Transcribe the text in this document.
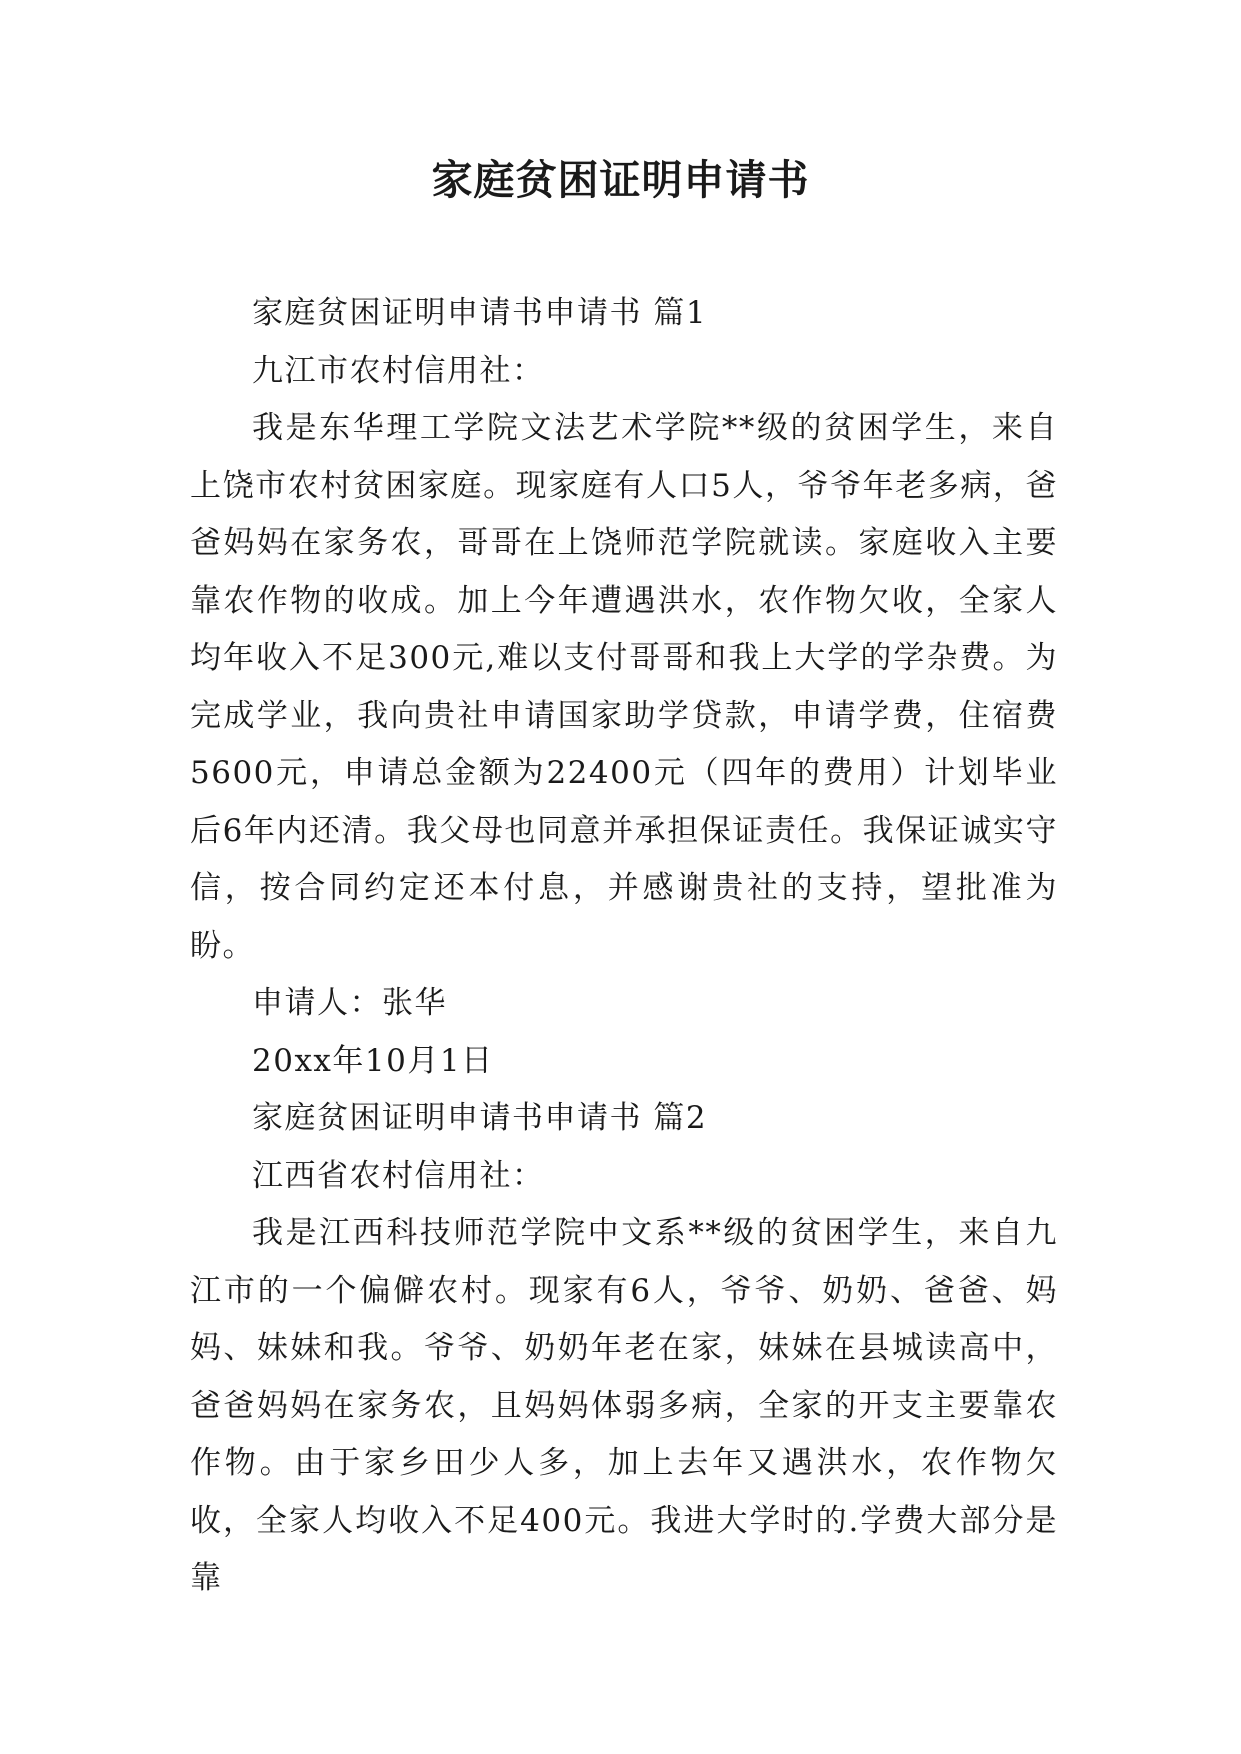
家庭贫困证明申请书

家庭贫困证明申请书申请书 篇1

九江市农村信用社：

我是东华理工学院文法艺术学院**级的贫困学生，来自上饶市农村贫困家庭。现家庭有人口5人，爷爷年老多病，爸爸妈妈在家务农，哥哥在上饶师范学院就读。家庭收入主要靠农作物的收成。加上今年遭遇洪水，农作物欠收，全家人均年收入不足300元,难以支付哥哥和我上大学的学杂费。为完成学业，我向贵社申请国家助学贷款，申请学费，住宿费5600元，申请总金额为22400元（四年的费用）计划毕业后6年内还清。我父母也同意并承担保证责任。我保证诚实守信，按合同约定还本付息，并感谢贵社的支持，望批准为盼。

申请人：张华

20xx年10月1日

家庭贫困证明申请书申请书 篇2

江西省农村信用社：

我是江西科技师范学院中文系**级的贫困学生，来自九江市的一个偏僻农村。现家有6人，爷爷、奶奶、爸爸、妈妈、妹妹和我。爷爷、奶奶年老在家，妹妹在县城读高中，爸爸妈妈在家务农，且妈妈体弱多病，全家的开支主要靠农作物。由于家乡田少人多，加上去年又遇洪水，农作物欠收，全家人均收入不足400元。我进大学时的.学费大部分是靠
